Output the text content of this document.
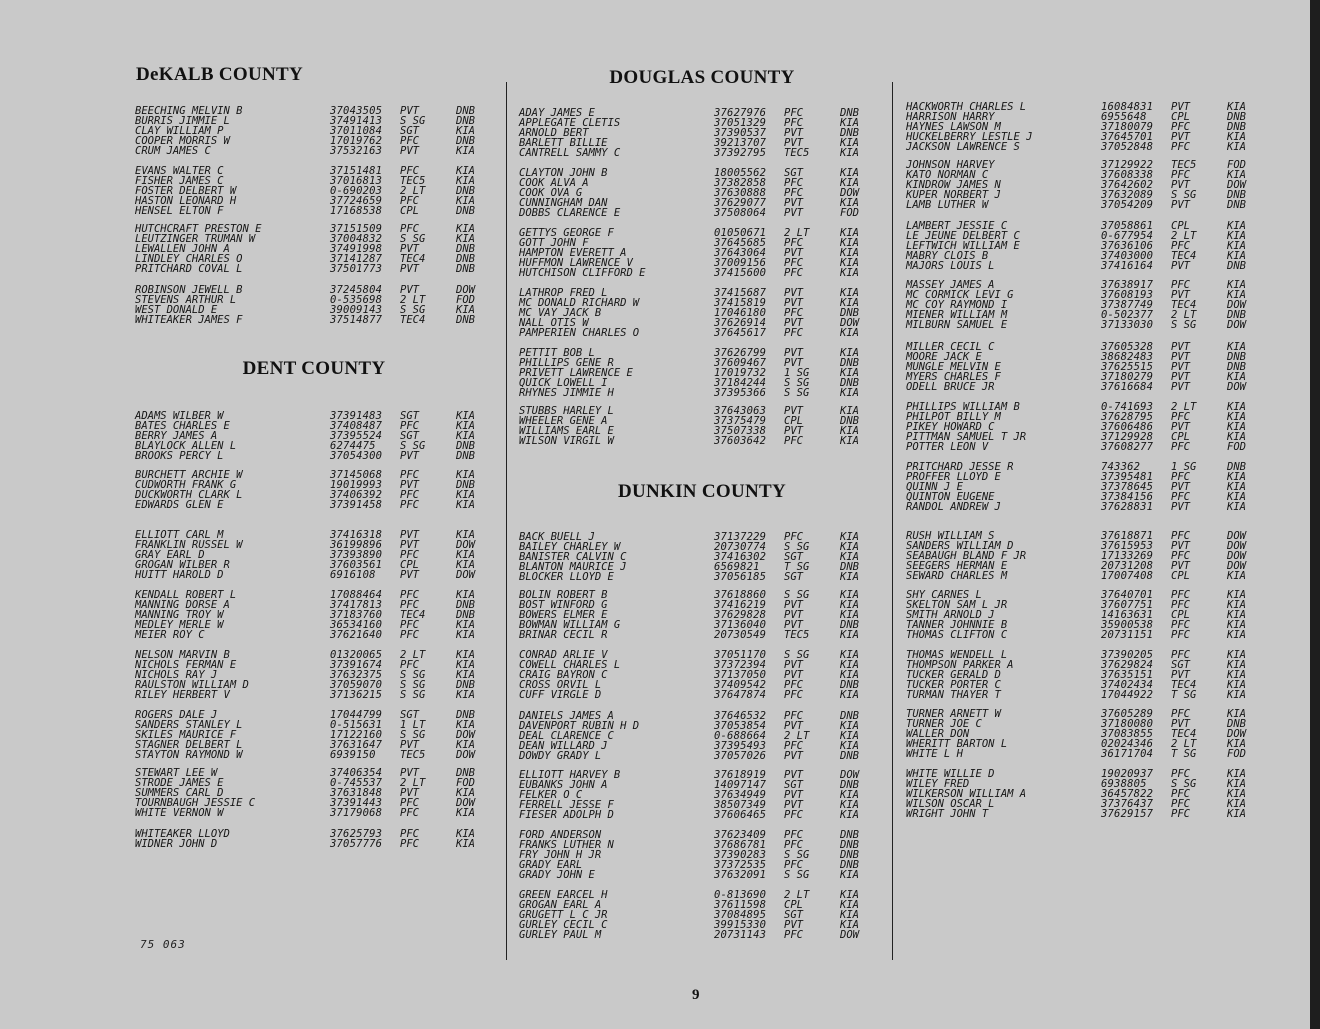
DeKALB COUNTY
BEECHING MELVIN B	37043505 PVT	DNB
BURRIS JIMMIE L	37491413 S SG	DNB
CLAY WILLIAM P	37011084 SGT	KIA
COOPER MORRIS W	17019762 PFC	DNB
CRUM JAMES C	37532163 PVT	KIA
EVANS WALTER C	37151481 PFC	KIA
FISHER JAMES C	37016813 TEC5	KIA
FOSTER DELBERT W	0-690203 2 LT	DNB
HASTON LEONARD H	37724659 PFC	KIA
HENSEL ELTON F	17168538 CPL	DNB
HUTCHCRAFT PRESTON E	37151509 PFC	KIA
LEUTZINGER TRUMAN W	37004832 S SG	KIA
LEWALLEN JOHN A	37491998 PVT	DNB
LINDLEY CHARLES O	37141287 TEC4	DNB
PRITCHARD COVAL L	37501773 PVT	DNB
ROBINSON JEWELL B	37245804 PVT	DOW
STEVENS ARTHUR L	0-535698 2 LT	FOD
WEST DONALD E	39009143 S SG	KIA
WHITEAKER JAMES F	37514877 TEC4	DNB
DENT COUNTY
ADAMS WILBER W	37391483 SGT	KIA
BATES CHARLES E	37408487 PFC	KIA
BERRY JAMES A	37395524 SGT	KIA
BLAYLOCK ALLEN L	6274475 S SG	DNB
BROOKS PERCY L	37054300 PVT	DNB
BURCHETT ARCHIE W	37145068 PFC	KIA
CUDWORTH FRANK G	19019993 PVT	DNB
DUCKWORTH CLARK L	37406392 PFC	KIA
EDWARDS GLEN E	37391458 PFC	KIA
ELLIOTT CARL M	37416318 PVT	KIA
FRANKLIN RUSSEL W	36199896 PVT	DOW
GRAY EARL D	37393890 PFC	KIA
GROGAN WILBER R	37603561 CPL	KIA
HUITT HAROLD D	6916108 PVT	DOW
KENDALL ROBERT L	17088464 PFC	KIA
MANNING DORSE A	37417813 PFC	DNB
MANNING TROY W	37183760 TEC4	DNB
MEDLEY MERLE W	36534160 PFC	KIA
MEIER ROY C	37621640 PFC	KIA
NELSON MARVIN B	01320065 2 LT	KIA
NICHOLS FERMAN E	37391674 PFC	KIA
NICHOLS RAY J	37632375 S SG	KIA
RAULSTON WILLIAM D	37059070 S SG	DNB
RILEY HERBERT V	37136215 S SG	KIA
ROGERS DALE J	17044799 SGT	DNB
SANDERS STANLEY L	0-515631 1 LT	KIA
SKILES MAURICE F	17122160 S SG	DOW
STAGNER DELBERT L	37631647 PVT	KIA
STAYTON RAYMOND W	6939150 TEC5	DOW
STEWART LEE W	37406354 PVT	DNB
STRODE JAMES E	0-745537 2 LT	FOD
SUMMERS CARL D	37631848 PVT	KIA
TOURNBAUGH JESSIE C	37391443 PFC	DOW
WHITE VERNON W	37179068 PFC	KIA
WHITEAKER LLOYD	37625793 PFC	KIA
WIDNER JOHN D	37057776 PFC	KIA
DOUGLAS COUNTY
ADAY JAMES E	37627976 PFC	DNB
APPLEGATE CLETIS	37051329 PFC	KIA
ARNOLD BERT	37390537 PVT	DNB
BARLETT BILLIE	39213707 PVT	KIA
CANTRELL SAMMY C	37392795 TEC5	KIA
CLAYTON JOHN B	18005562 SGT	KIA
COOK ALVA A	37382858 PFC	KIA
COOK OVA G	37630888 PFC	DOW
CUNNINGHAM DAN	37629077 PVT	KIA
DOBBS CLARENCE E	37508064 PVT	FOD
GETTYS GEORGE F	01050671 2 LT	KIA
GOTT JOHN F	37645685 PFC	KIA
HAMPTON EVERETT A	37643064 PVT	KIA
HUFFMON LAWRENCE V	37009156 PFC	KIA
HUTCHISON CLIFFORD E	37415600 PFC	KIA
LATHROP FRED L	37415687 PVT	KIA
MC DONALD RICHARD W	37415819 PVT	KIA
MC VAY JACK B	17046180 PFC	DNB
NALL OTIS W	37626914 PVT	DOW
PAMPERIEN CHARLES O	37645617 PFC	KIA
PETTIT BOB L	37626799 PVT	KIA
PHILLIPS GENE R	37609467 PVT	DNB
PRIVETT LAWRENCE E	17019732 1 SG	KIA
QUICK LOWELL I	37184244 S SG	DNB
RHYNES JIMMIE H	37395366 S SG	KIA
STUBBS HARLEY L	37643063 PVT	KIA
WHEELER GENE A	37375479 CPL	DNB
WILLIAMS EARL E	37507338 PVT	KIA
WILSON VIRGIL W	37603642 PFC	KIA
DUNKIN COUNTY
BACK BUELL J	37137229 PFC	KIA
BAILEY CHARLEY W	20730774 S SG	KIA
BANISTER CALVIN C	37416302 SGT	KIA
BLANTON MAURICE J	6569821 T SG	DNB
BLOCKER LLOYD E	37056185 SGT	KIA
BOLIN ROBERT B	37618860 S SG	KIA
BOST WINFORD G	37416219 PVT	KIA
BOWERS ELMER E	37629828 PVT	KIA
BOWMAN WILLIAM G	37136040 PVT	DNB
BRINAR CECIL R	20730549 TEC5	KIA
CONRAD ARLIE V	37051170 S SG	KIA
COWELL CHARLES L	37372394 PVT	KIA
CRAIG BAYRON C	37137050 PVT	KIA
CROSS ORVIL L	37409542 PFC	DNB
CUFF VIRGLE D	37647874 PFC	KIA
DANIELS JAMES A	37646532 PFC	DNB
DAVENPORT RUBIN H D	37053854 PVT	KIA
DEAL CLARENCE C	0-688664 2 LT	KIA
DEAN WILLARD J	37395493 PFC	KIA
DOWDY GRADY L	37057026 PVT	DNB
ELLIOTT HARVEY B	37618919 PVT	DOW
EUBANKS JOHN A	14097147 SGT	DNB
FELKER O C	37634949 PVT	KIA
FERRELL JESSE F	38507349 PVT	KIA
FIESER ADOLPH D	37606465 PFC	KIA
FORD ANDERSON	37623409 PFC	DNB
FRANKS LUTHER N	37686781 PFC	DNB
FRY JOHN H JR	37390283 S SG	DNB
GRADY EARL	37372535 PFC	DNB
GRADY JOHN E	37632091 S SG	KIA
GREEN EARCEL H	0-813690 2 LT	KIA
GROGAN EARL A	37611598 CPL	KIA
GRUGETT L C JR	37084895 SGT	KIA
GURLEY CECIL C	39915330 PVT	KIA
GURLEY PAUL M	20731143 PFC	DOW
HACKWORTH CHARLES L	16084831 PVT	KIA
HARRISON HARRY	6955648 CPL	DNB
HAYNES LAWSON M	37180079 PFC	DNB
HUCKELBERRY LESTLE J	37645701 PVT	KIA
JACKSON LAWRENCE S	37052848 PFC	KIA
JOHNSON HARVEY	37129922 TEC5	FOD
KATO NORMAN C	37608338 PFC	KIA
KINDROW JAMES N	37642602 PVT	DOW
KUPER NORBERT J	37632089 S SG	DNB
LAMB LUTHER W	37054209 PVT	DNB
LAMBERT JESSIE C	37058861 CPL	KIA
LE JEUNE DELBERT C	0-677954 2 LT	KIA
LEFTWICH WILLIAM E	37636106 PFC	KIA
MABRY CLOIS B	37403000 TEC4	KIA
MAJORS LOUIS L	37416164 PVT	DNB
MASSEY JAMES A	37638917 PFC	KIA
MC CORMICK LEVI G	37608193 PVT	KIA
MC COY RAYMOND I	37387749 TEC4	DOW
MIENER WILLIAM M	0-502377 2 LT	DNB
MILBURN SAMUEL E	37133030 S SG	DOW
MILLER CECIL C	37605328 PVT	KIA
MOORE JACK E	38682483 PVT	DNB
MUNGLE MELVIN E	37625515 PVT	DNB
MYERS CHARLES F	37180279 PVT	KIA
ODELL BRUCE JR	37616684 PVT	DOW
PHILLIPS WILLIAM B	0-741693 2 LT	KIA
PHILPOT BILLY M	37628795 PFC	KIA
PIKEY HOWARD C	37606486 PVT	KIA
PITTMAN SAMUEL T JR	37129928 CPL	KIA
POTTER LEON V	37608277 PFC	FOD
PRITCHARD JESSE R	743362	1 SG	DNB
PROFFER LLOYD E	37395481 PFC	KIA
QUINN J E	37378645 PVT	KIA
QUINTON EUGENE	37384156 PFC	KIA
RANDOL ANDREW J	37628831 PVT	KIA
RUSH WILLIAM S	37618871 PFC	DOW
SANDERS WILLIAM D	37615953 PVT	DOW
SEABAUGH BLAND F JR	17133269 PFC	DOW
SEEGERS HERMAN E	20731208 PVT	DOW
SEWARD CHARLES M	17007408 CPL	KIA
SHY CARNES L	37640701 PFC	KIA
SKELTON SAM L JR	37607751 PFC	KIA
SMITH ARNOLD J	14163631 CPL	KIA
TANNER JOHNNIE B	35900538 PFC	KIA
THOMAS CLIFTON C	20731151 PFC	KIA
THOMAS WENDELL L	37390205 PFC	KIA
THOMPSON PARKER A	37629824 SGT	KIA
TUCKER GERALD D	37635151 PVT	KIA
TUCKER PORTER C	37402434 TEC4	KIA
TURMAN THAYER T	17044922 T SG	KIA
TURNER ARNETT W	37605289 PFC	KIA
TURNER JOE C	37180080 PVT	DNB
WALLER DON	37083855 TEC4	DOW
WHERITT BARTON L	02024346 2 LT	KIA
WHITE L H	36171704 T SG	FOD
WHITE WILLIE D	19020937 PFC	KIA
WILEY FRED	6938805 S SG	KIA
WILKERSON WILLIAM A	36457822 PFC	KIA
WILSON OSCAR L	37376437 PFC	KIA
WRIGHT JOHN T	37629157 PFC	KIA
75 063
9
